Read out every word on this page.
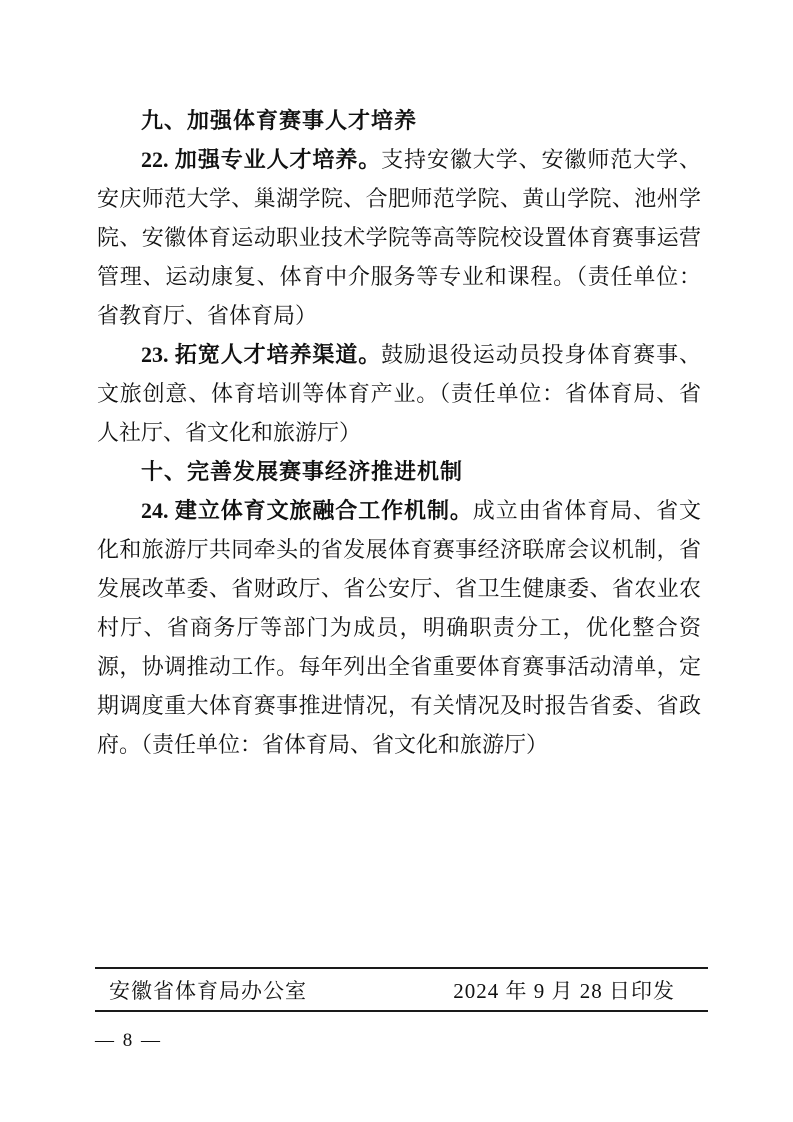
九、加强体育赛事人才培养

22. 加强专业人才培养。支持安徽大学、安徽师范大学、安庆师范大学、巢湖学院、合肥师范学院、黄山学院、池州学院、安徽体育运动职业技术学院等高等院校设置体育赛事运营管理、运动康复、体育中介服务等专业和课程。（责任单位：省教育厅、省体育局）

23. 拓宽人才培养渠道。鼓励退役运动员投身体育赛事、文旅创意、体育培训等体育产业。（责任单位：省体育局、省人社厅、省文化和旅游厅）

十、完善发展赛事经济推进机制

24. 建立体育文旅融合工作机制。成立由省体育局、省文化和旅游厅共同牵头的省发展体育赛事经济联席会议机制，省发展改革委、省财政厅、省公安厅、省卫生健康委、省农业农村厅、省商务厅等部门为成员，明确职责分工，优化整合资源，协调推动工作。每年列出全省重要体育赛事活动清单，定期调度重大体育赛事推进情况，有关情况及时报告省委、省政府。（责任单位：省体育局、省文化和旅游厅）

安徽省体育局办公室	2024 年 9 月 28 日印发
— 8 —
